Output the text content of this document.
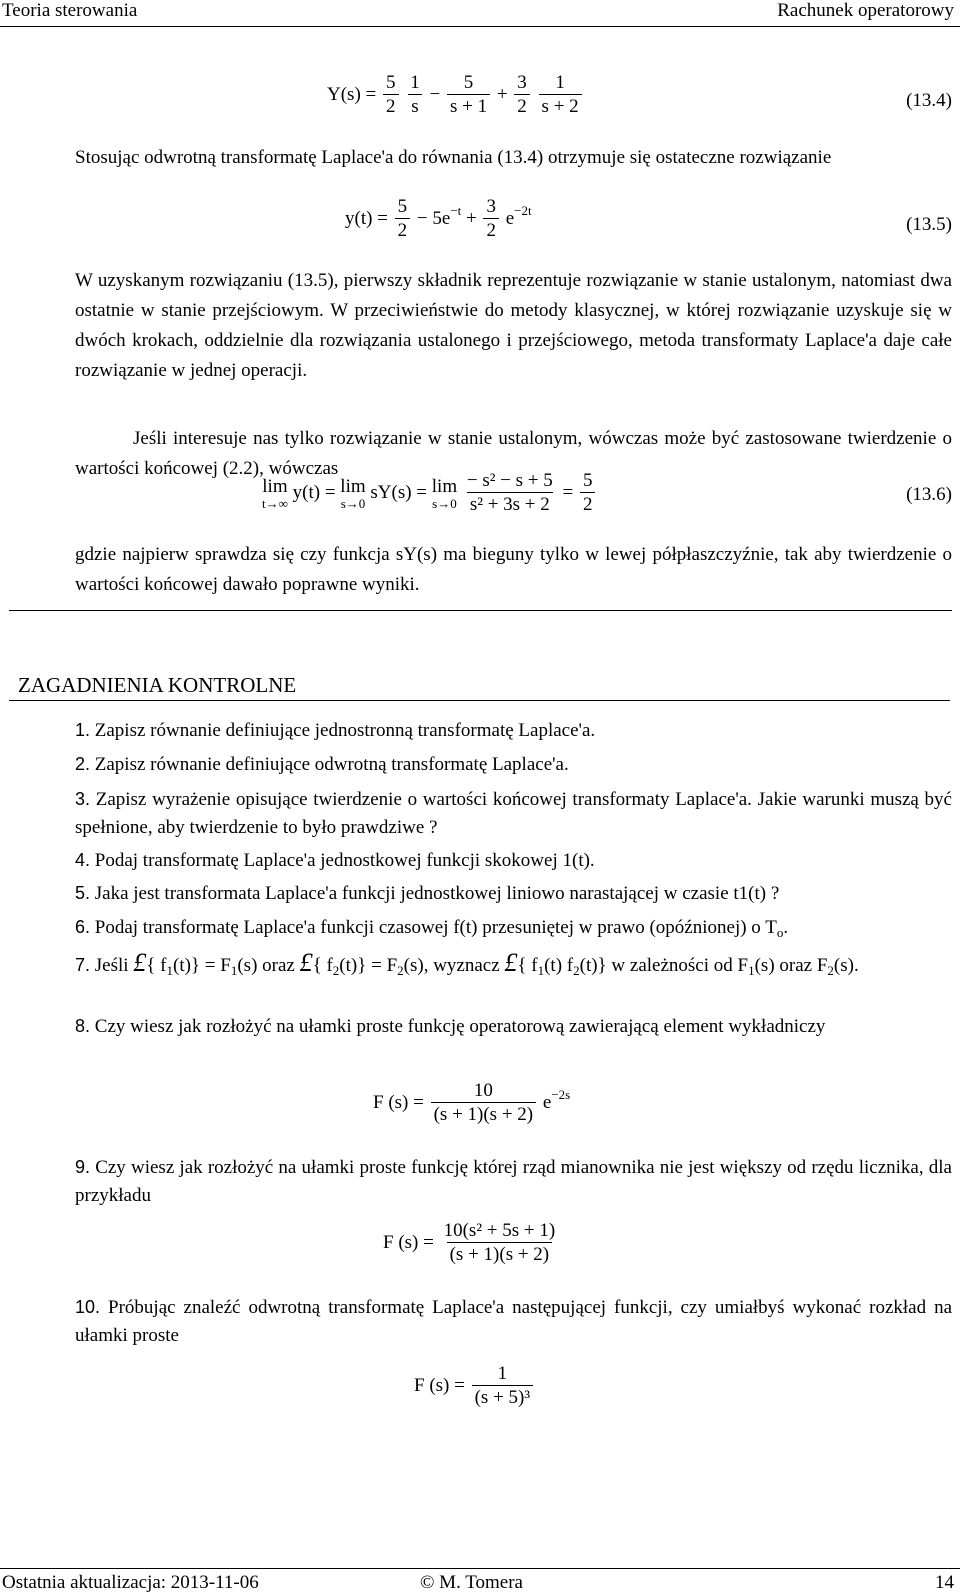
Teoria sterowania	Rachunek operatorowy
$Y(s) = \frac{5}{2}$
$\frac{1}{s} - \frac{5}{s + 1} + \frac{3}{2}$
$\frac{1}{s + 2}$	(13.4)
Stosując odwrotną transformatę Laplace'a do równania (13.4) otrzymuje się ostateczne rozwiązanie
$y(t) = \frac{5}{2} - 5e^{-t} + \frac{3}{2} e^{-2t}$
(13.5)
W uzyskanym rozwiązaniu (13.5), pierwszy składnik reprezentuje rozwiązanie w stanie ustalonym, natomiast dwa ostatnie w stanie przejściowym. W przeciwieństwie do metody klasycznej, w której rozwiązanie uzyskuje się w dwóch krokach, oddzielnie dla rozwiązania ustalonego i przejściowego, metoda transformaty Laplace'a daje całe rozwiązanie w jednej operacji.
Jeśli interesuje nas tylko rozwiązanie w stanie ustalonym, wówczas może być zastosowane twierdzenie o wartości końcowej (2.2), wówczas
lim
t→∞
y(t) = lim
s→0
sY(s) = lim
s→0
$\frac{\text{− s² − s + 5}}{\text{s² + 3s + 2}} = \frac{5}{2}$	(13.6)
gdzie najpierw sprawdza się czy funkcja sY(s) ma bieguny tylko w lewej półpłaszczyźnie, tak aby twierdzenie o wartości końcowej dawało poprawne wyniki.
ZAGADNIENIA KONTROLNE
1. Zapisz równanie definiujące jednostronną transformatę Laplace'a.
2. Zapisz równanie definiujące odwrotną transformatę Laplace'a.
3. Zapisz wyrażenie opisujące twierdzenie o wartości końcowej transformaty Laplace'a. Jakie warunki muszą być spełnione, aby twierdzenie to było prawdziwe ?
4. Podaj transformatę Laplace'a jednostkowej funkcji skokowej 1(t).
5. Jaka jest transformata Laplace'a funkcji jednostkowej liniowo narastającej w czasie t1(t) ?
6. Podaj transformatę Laplace'a funkcji czasowej f(t) przesuniętej w prawo (opóźnionej) o $T_o$.
7. Jeśli £{ $f_1(t)\} = F_1(s)$ oraz £{ $f_2(t)\} = F_2(s)$, wyznacz £{ $f_1(t)$ $f_2(t)$} w zależności od $F_1(s)$ oraz $F_2(s)$.
8. Czy wiesz jak rozłożyć na ułamki proste funkcję operatorową zawierającą element wykładniczy
F $(s) = \frac{10}{(s + 1)(s + 2)} e^{-2s}$
9. Czy wiesz jak rozłożyć na ułamki proste funkcję której rząd mianownika nie jest większy od rzędu licznika, dla przykładu
F $(s) = \frac{\text{10(s² + 5s + 1)}}{(s + 1)(s + 2)}$
10. Próbując znaleźć odwrotną transformatę Laplace'a następującej funkcji, czy umiałbyś wykonać rozkład na ułamki proste
F $(s) = \frac{1}{\text{(s + 5)³}}$
Ostatnia aktualizacja: 2013-11-06	© M. Tomera	14
